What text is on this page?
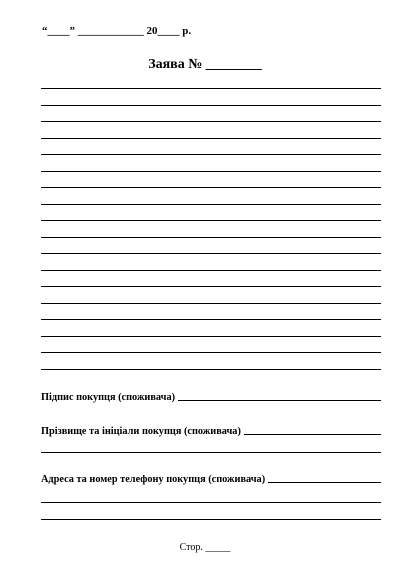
“____” ____________ 20____ р.
Заява № ________
Підпис покупця (споживача)
Прізвище та ініціали покупця (споживача)
Адреса та номер телефону покупця (споживача)
Стор. _____
